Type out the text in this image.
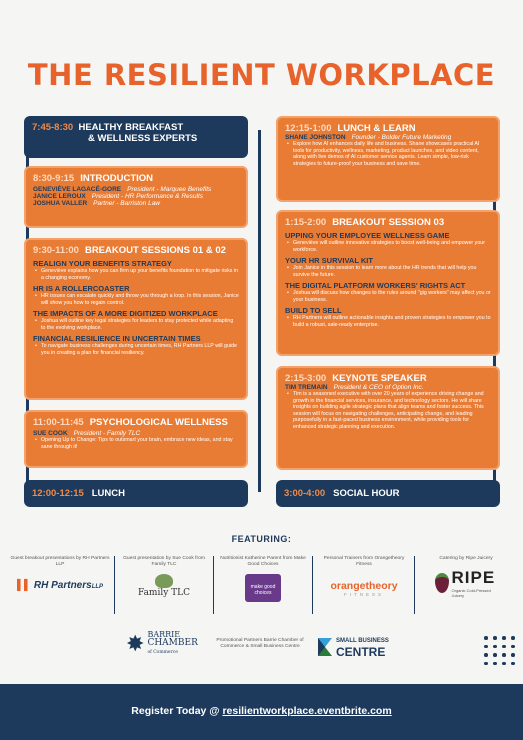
THE RESILIENT WORKPLACE
7:45-8:30 HEALTHY BREAKFAST
& WELLNESS EXPERTS
8:30-9:15 INTRODUCTION
GENEVIÈVE LAGACÉ-GORE President - Marquee Benefits
JANICE LEROUX President - HR Performance & Results
JOSHUA VALLER Partner - Barriston Law
9:30-11:00 BREAKOUT SESSIONS 01 & 02
REALIGN YOUR BENEFITS STRATEGY
• Geneviève explains how you can firm up your benefits foundation to mitigate risks in a changing economy.
HR IS A ROLLERCOASTER
• HR issues can escalate quickly and throw you through a loop. In this session, Janice will show you how to regain control.
THE IMPACTS OF A MORE DIGITIZED WORKPLACE
• Joshua will outline key legal strategies for leaders to stay protected while adapting to the evolving workplace.
FINANCIAL RESILIENCE IN UNCERTAIN TIMES
• To navigate business challenges during uncertain times, RH Partners LLP will guide you in creating a plan for financial resiliency.
11:00-11:45 PSYCHOLOGICAL WELLNESS
SUE COOK President - Family TLC
• Opening Up to Change: Tips to outsmart your brain, embrace new ideas, and stay sane through it!
12:00-12:15 LUNCH
12:15-1:00 LUNCH & LEARN
SHANE JOHNSTON Founder - Bolder Future Marketing
• Explore how AI enhances daily life and business. Shane showcases practical AI tools for productivity, wellness, marketing, product launches, and video content, along with live demos of AI customer service agents. Learn simple, low-risk strategies to future-proof your business and save time.
1:15-2:00 BREAKOUT SESSION 03
UPPING YOUR EMPLOYEE WELLNESS GAME
• Geneviève will outline innovative strategies to boost well-being and empower your workforce.
YOUR HR SURVIVAL KIT
• Join Janice in this session to learn more about the HR trends that will help you survive the future.
THE DIGITAL PLATFORM WORKERS' RIGHTS ACT
• Joshua will discuss how changes to the rules around "gig workers" may affect you or your business.
BUILD TO SELL
• RH Partners will outline actionable insights and proven strategies to empower you to build a robust, sale-ready enterprise.
2:15-3:00 KEYNOTE SPEAKER
TIM TREMAIN President & CEO of Option Inc.
• Tim is a seasoned executive with over 20 years of experience driving change and growth in the financial services, insurance, and technology sectors. He will share insights on building agile strategic plans that align teams and foster success. This session will focus on navigating challenges, anticipating change, and leading purposefully in a fast-paced business environment, while providing tools for enhanced strategic planning and execution.
3:00-4:00 SOCIAL HOUR
FEATURING:
Guest breakout presentations by RH Partners LLP
▌▌ RH PartnersLLP
Guest presentation by Sue Cook from Family TLC
Family TLC
Nutritionist Katherine Parent from Make Good Choices
make good choices
Personal Trainers from Orangetheory Fitness
orangetheory
FITNESS
Catering by Ripe Juicery
RIPE
Organic Cold-Pressed Juicery
✸ BARRIE
CHAMBER
of Commerce
Promotional Partners Barrie Chamber of Commerce & Small Business Centre
SMALL BUSINESS
CENTRE
Register Today @ resilientworkplace.eventbrite.com
